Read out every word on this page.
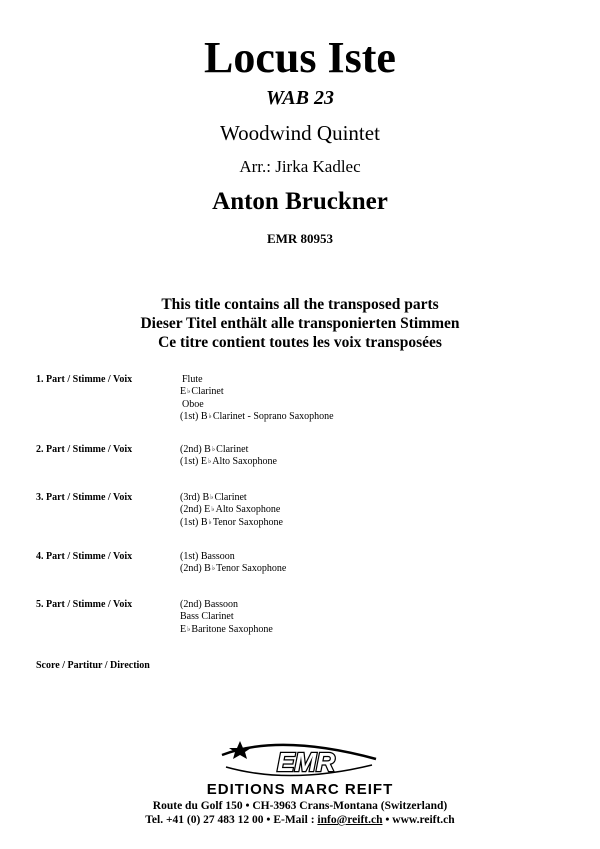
Locus Iste
WAB 23
Woodwind Quintet
Arr.: Jirka Kadlec
Anton Bruckner
EMR 80953
This title contains all the transposed parts
Dieser Titel enthält alle transponierten Stimmen
Ce titre contient toutes les voix transposées
1. Part / Stimme / Voix	Flute
E♭Clarinet
Oboe
(1st) B♭Clarinet - Soprano Saxophone
2. Part / Stimme / Voix	(2nd) B♭Clarinet
(1st) E♭Alto Saxophone
3. Part / Stimme / Voix	(3rd) B♭Clarinet
(2nd) E♭Alto Saxophone
(1st) B♭Tenor Saxophone
4. Part / Stimme / Voix	(1st) Bassoon
(2nd) B♭Tenor Saxophone
5. Part / Stimme / Voix	(2nd) Bassoon
Bass Clarinet
E♭Baritone Saxophone
Score / Partitur / Direction
EMR
EDITIONS MARC REIFT
Route du Golf 150 • CH-3963 Crans-Montana (Switzerland)
Tel. +41 (0) 27 483 12 00 • E-Mail : info@reift.ch • www.reift.ch
